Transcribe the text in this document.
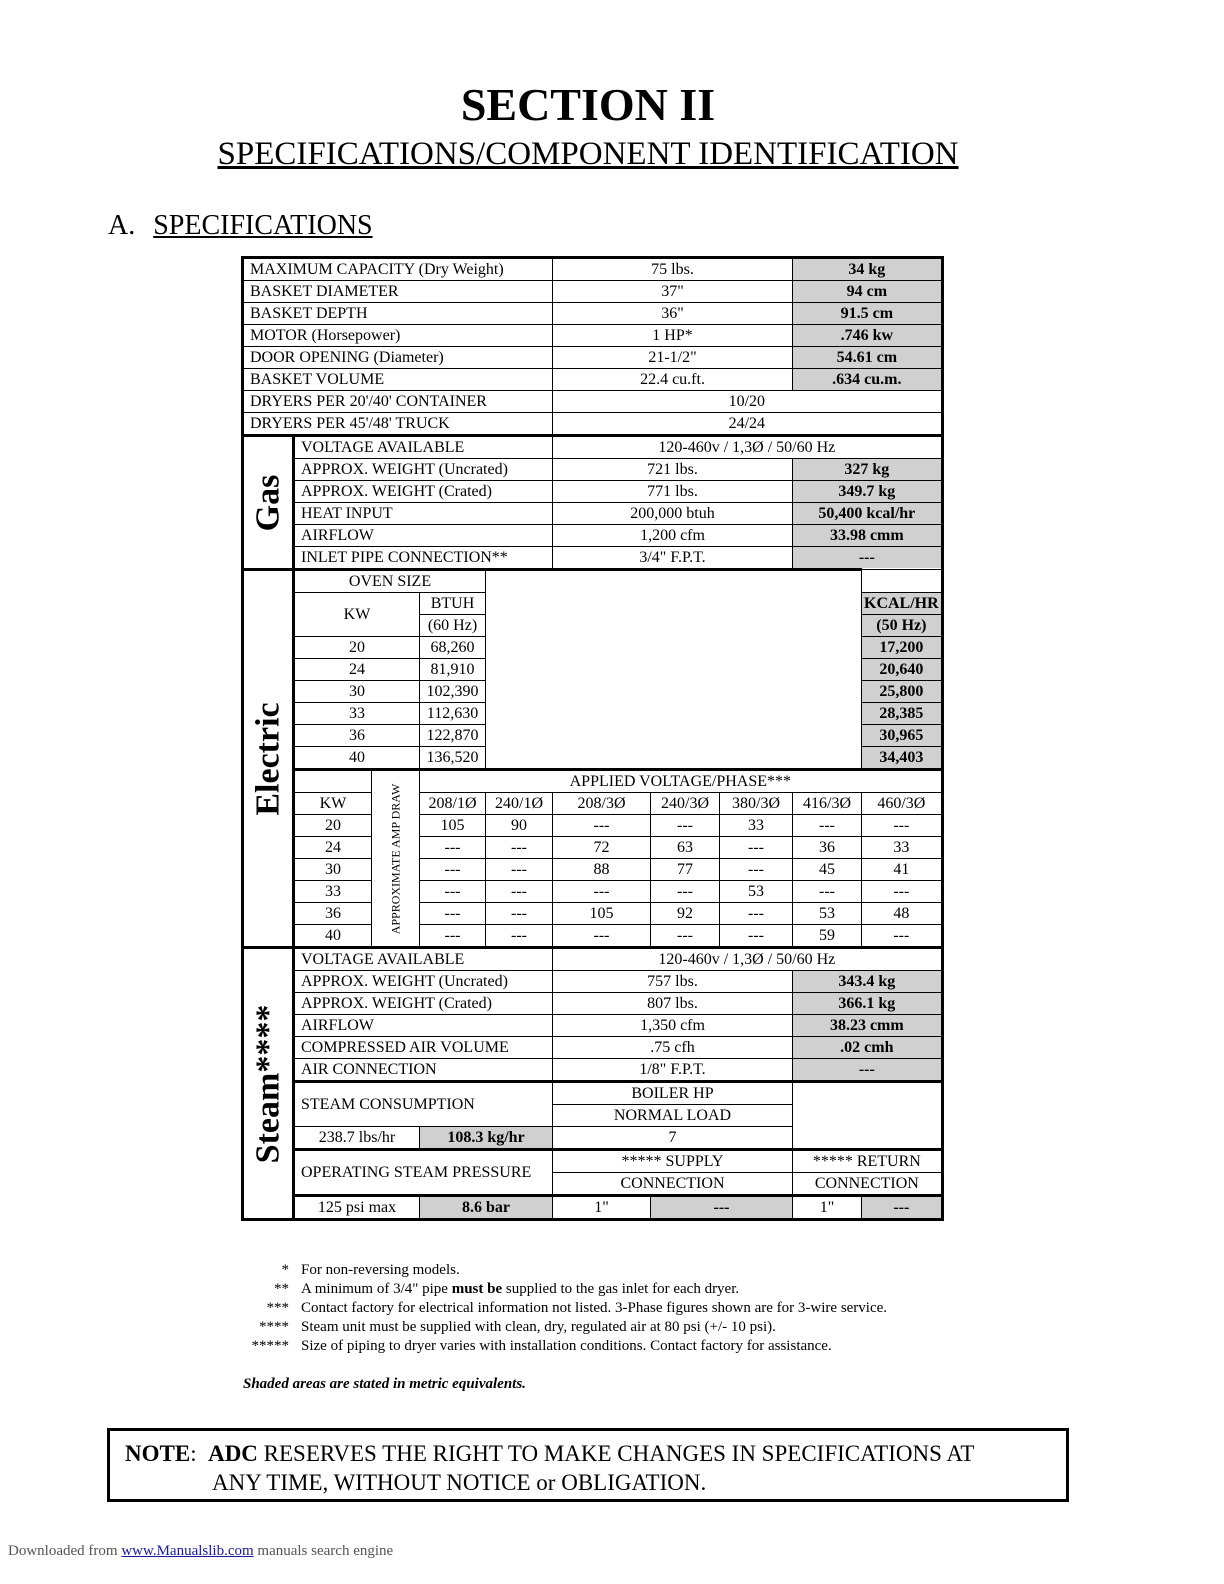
SECTION II
SPECIFICATIONS/COMPONENT IDENTIFICATION
A. SPECIFICATIONS
MAXIMUM CAPACITY (Dry Weight)					75 lbs.			34 kg	
BASKET DIAMETER					37"			94 cm	
BASKET DEPTH					36"			91.5 cm	
MOTOR (Horsepower)					1 HP*			.746 kw	
DOOR OPENING (Diameter)					21-1/2"			54.61 cm	
BASKET VOLUME					22.4 cu.ft.			.634 cu.m.	
DRYERS PER 20'/40' CONTAINER					10/20				
DRYERS PER 45'/48' TRUCK					24/24				

Gas	VOLTAGE AVAILABLE				120-460v / 1,3Ø / 50/60 Hz				
	APPROX. WEIGHT (Uncrated)				721 lbs.			327 kg	
	APPROX. WEIGHT (Crated)				771 lbs.			349.7 kg	
	HEAT INPUT				200,000 btuh			50,400 kcal/hr	
	AIRFLOW				1,200 cfm			33.98 cmm	
	INLET PIPE CONNECTION**				3/4" F.P.T.			---	

Electric	OVEN SIZE								
	KW		BTUH						KCAL/HR
			(60 Hz)						(50 Hz)
	20		68,260						17,200
	24		81,910						20,640
	30		102,390						25,800
	33		112,630						28,385
	36		122,870						30,965
	40		136,520						34,403

		APPROXIMATE AMP DRAW	APPLIED VOLTAGE/PHASE***						
	KW		208/1Ø	240/1Ø	208/3Ø	240/3Ø	380/3Ø	416/3Ø	460/3Ø
	20		105	90	---	---	33	---	---
	24		---	---	72	63	---	36	33
	30		---	---	88	77	---	45	41
	33		---	---	---	---	53	---	---
	36		---	---	105	92	---	53	48
	40		---	---	---	---	---	59	---

Steam****	VOLTAGE AVAILABLE				120-460v / 1,3Ø / 50/60 Hz				
	APPROX. WEIGHT (Uncrated)				757 lbs.			343.4 kg	
	APPROX. WEIGHT (Crated)				807 lbs.			366.1 kg	
	AIRFLOW				1,350 cfm			38.23 cmm	
	COMPRESSED AIR VOLUME				.75 cfh			.02 cmh	
	AIR CONNECTION				1/8" F.P.T.			---	
	STEAM CONSUMPTION				BOILER HP				
					NORMAL LOAD				
	238.7 lbs/hr		108.3 kg/hr		7				
	OPERATING STEAM PRESSURE				***** SUPPLY			***** RETURN	
					CONNECTION			CONNECTION	
	125 psi max		8.6 bar		1"	---		1"	---
* For non-reversing models.
** A minimum of 3/4" pipe must be supplied to the gas inlet for each dryer.
*** Contact factory for electrical information not listed. 3-Phase figures shown are for 3-wire service.
**** Steam unit must be supplied with clean, dry, regulated air at 80 psi (+/- 10 psi).
***** Size of piping to dryer varies with installation conditions. Contact factory for assistance.
Shaded areas are stated in metric equivalents.
NOTE: ADC RESERVES THE RIGHT TO MAKE CHANGES IN SPECIFICATIONS AT
ANY TIME, WITHOUT NOTICE or OBLIGATION.
Downloaded from www.Manualslib.com manuals search engine
